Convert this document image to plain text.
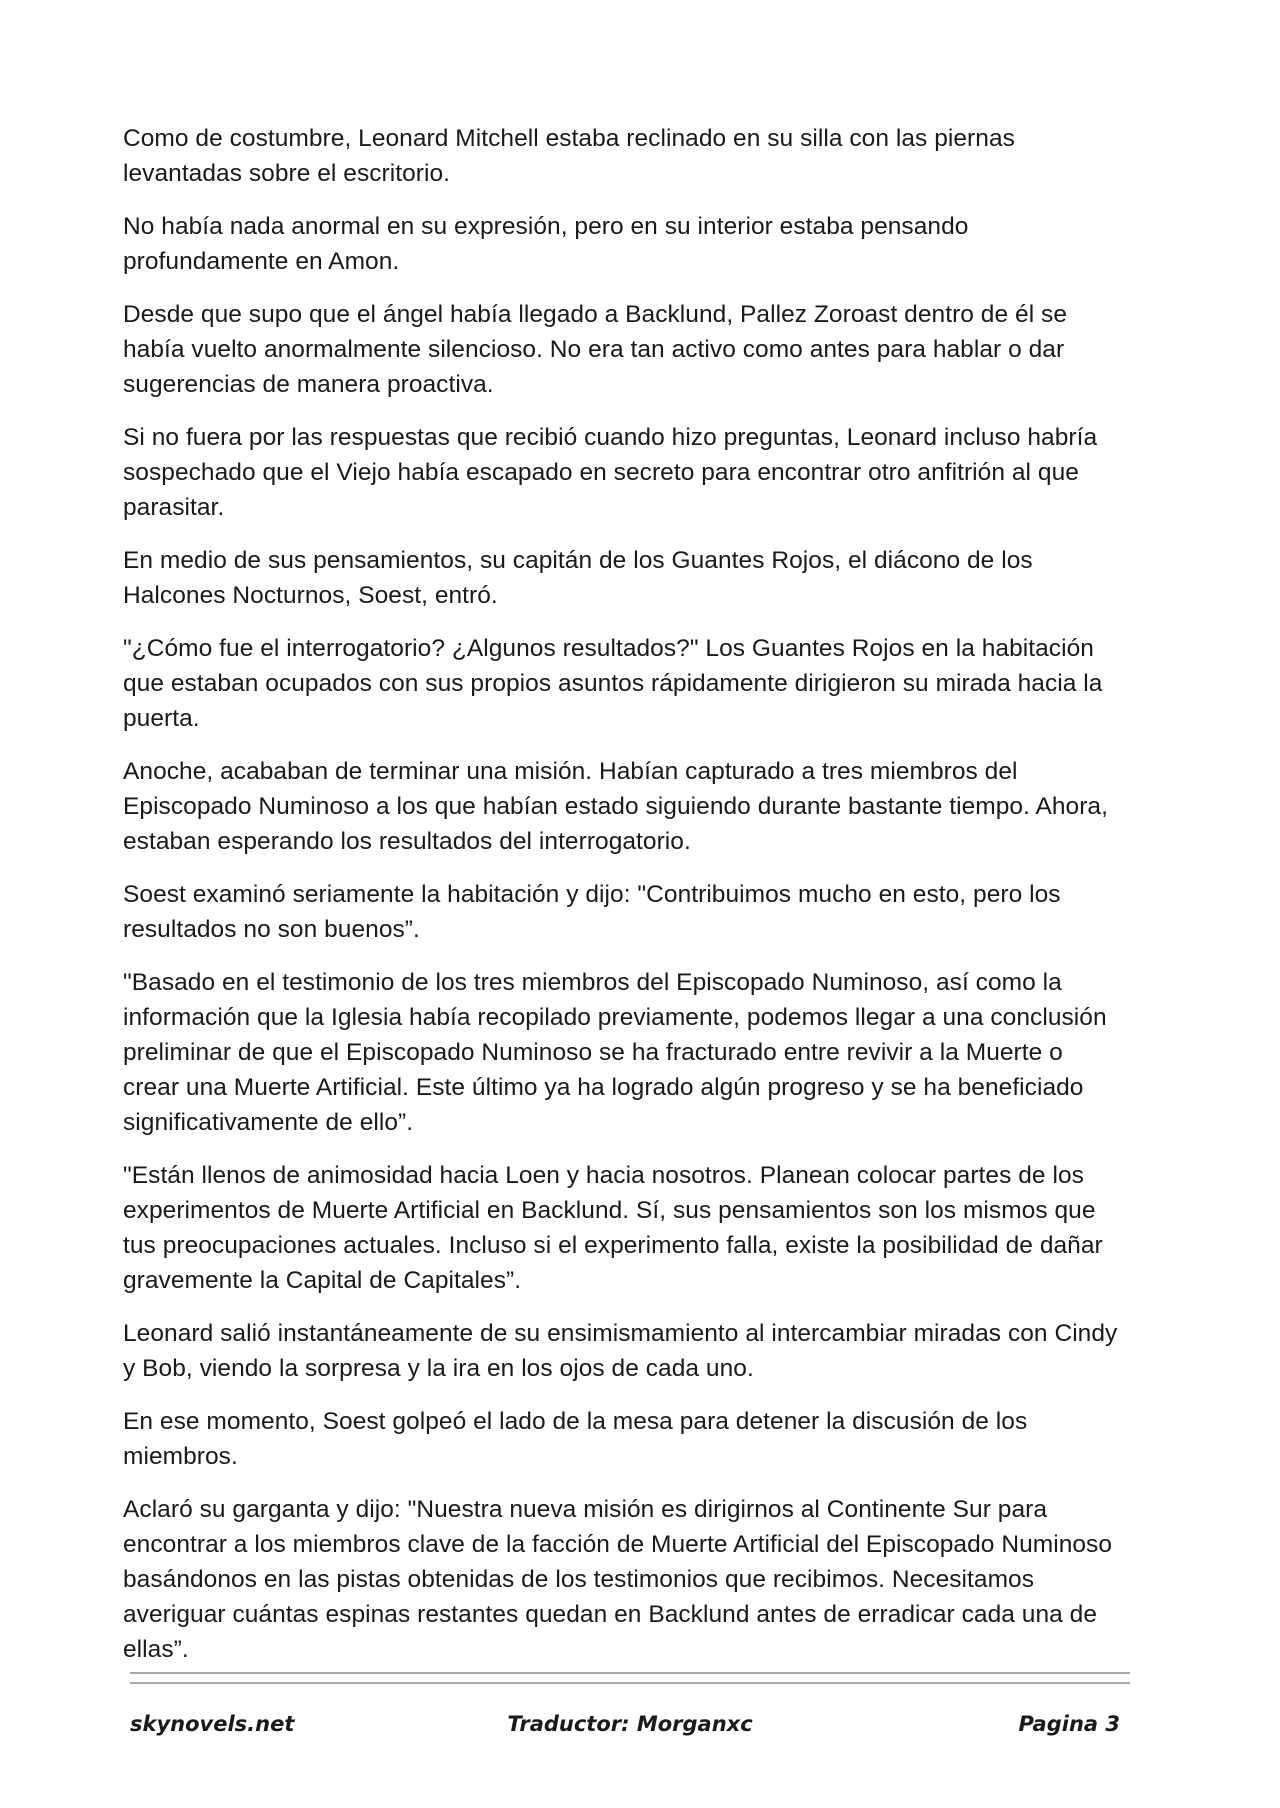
Como de costumbre, Leonard Mitchell estaba reclinado en su silla con las piernas levantadas sobre el escritorio.

No había nada anormal en su expresión, pero en su interior estaba pensando profundamente en Amon.

Desde que supo que el ángel había llegado a Backlund, Pallez Zoroast dentro de él se había vuelto anormalmente silencioso. No era tan activo como antes para hablar o dar sugerencias de manera proactiva.

Si no fuera por las respuestas que recibió cuando hizo preguntas, Leonard incluso habría sospechado que el Viejo había escapado en secreto para encontrar otro anfitrión al que parasitar.

En medio de sus pensamientos, su capitán de los Guantes Rojos, el diácono de los Halcones Nocturnos, Soest, entró.

"¿Cómo fue el interrogatorio? ¿Algunos resultados?" Los Guantes Rojos en la habitación que estaban ocupados con sus propios asuntos rápidamente dirigieron su mirada hacia la puerta.

Anoche, acababan de terminar una misión. Habían capturado a tres miembros del Episcopado Numinoso a los que habían estado siguiendo durante bastante tiempo. Ahora, estaban esperando los resultados del interrogatorio.

Soest examinó seriamente la habitación y dijo: "Contribuimos mucho en esto, pero los resultados no son buenos”.

"Basado en el testimonio de los tres miembros del Episcopado Numinoso, así como la información que la Iglesia había recopilado previamente, podemos llegar a una conclusión preliminar de que el Episcopado Numinoso se ha fracturado entre revivir a la Muerte o crear una Muerte Artificial. Este último ya ha logrado algún progreso y se ha beneficiado significativamente de ello”.

"Están llenos de animosidad hacia Loen y hacia nosotros. Planean colocar partes de los experimentos de Muerte Artificial en Backlund. Sí, sus pensamientos son los mismos que tus preocupaciones actuales. Incluso si el experimento falla, existe la posibilidad de dañar gravemente la Capital de Capitales”.

Leonard salió instantáneamente de su ensimismamiento al intercambiar miradas con Cindy y Bob, viendo la sorpresa y la ira en los ojos de cada uno.

En ese momento, Soest golpeó el lado de la mesa para detener la discusión de los miembros.

Aclaró su garganta y dijo: "Nuestra nueva misión es dirigirnos al Continente Sur para encontrar a los miembros clave de la facción de Muerte Artificial del Episcopado Numinoso basándonos en las pistas obtenidas de los testimonios que recibimos. Necesitamos averiguar cuántas espinas restantes quedan en Backlund antes de erradicar cada una de ellas”.

skynovels.net	Traductor: Morganxc	Pagina 3
